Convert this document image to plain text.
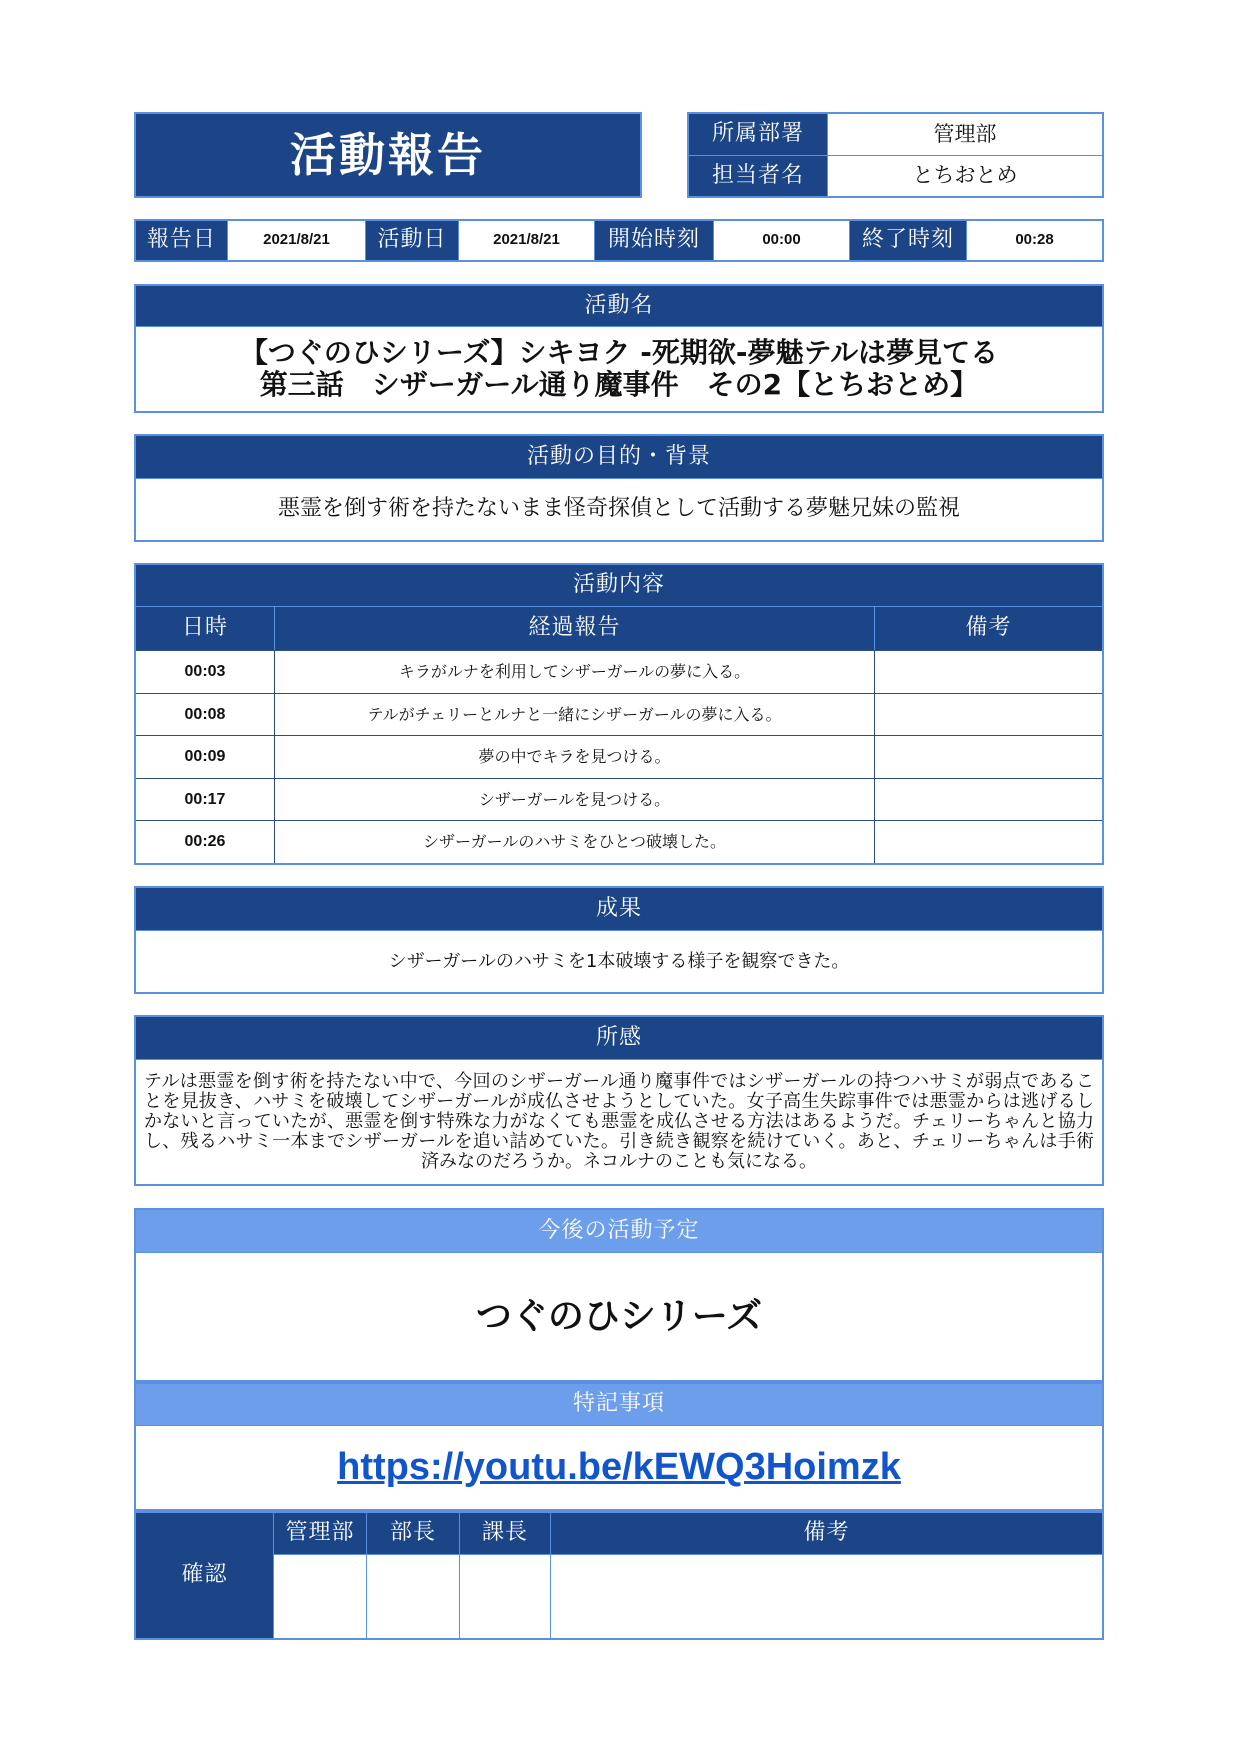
活動報告	所属部署	管理部
担当者名	とちおとめ
報告日	2021/8/21	活動日	2021/8/21	開始時刻	00:00	終了時刻	00:28
活動名
【つぐのひシリーズ】シキヨク -死期欲-夢魅テルは夢見てる
第三話　シザーガール通り魔事件　その2【とちおとめ】
活動の目的・背景
悪霊を倒す術を持たないまま怪奇探偵として活動する夢魅兄妹の監視
活動内容
日時	経過報告	備考
00:03	キラがルナを利用してシザーガールの夢に入る。
00:08	テルがチェリーとルナと一緒にシザーガールの夢に入る。
00:09	夢の中でキラを見つける。
00:17	シザーガールを見つける。
00:26	シザーガールのハサミをひとつ破壊した。
成果
シザーガールのハサミを1本破壊する様子を観察できた。
所感
テルは悪霊を倒す術を持たない中で、今回のシザーガール通り魔事件ではシザーガールの持つハサミが弱点であることを見抜き、ハサミを破壊してシザーガールが成仏させようとしていた。女子高生失踪事件では悪霊からは逃げるしかないと言っていたが、悪霊を倒す特殊な力がなくても悪霊を成仏させる方法はあるようだ。チェリーちゃんと協力し、残るハサミ一本までシザーガールを追い詰めていた。引き続き観察を続けていく。あと、チェリーちゃんは手術済みなのだろうか。ネコルナのことも気になる。
今後の活動予定
つぐのひシリーズ
特記事項
https://youtu.be/kEWQ3Hoimzk
確認
管理部	部長	課長	備考
